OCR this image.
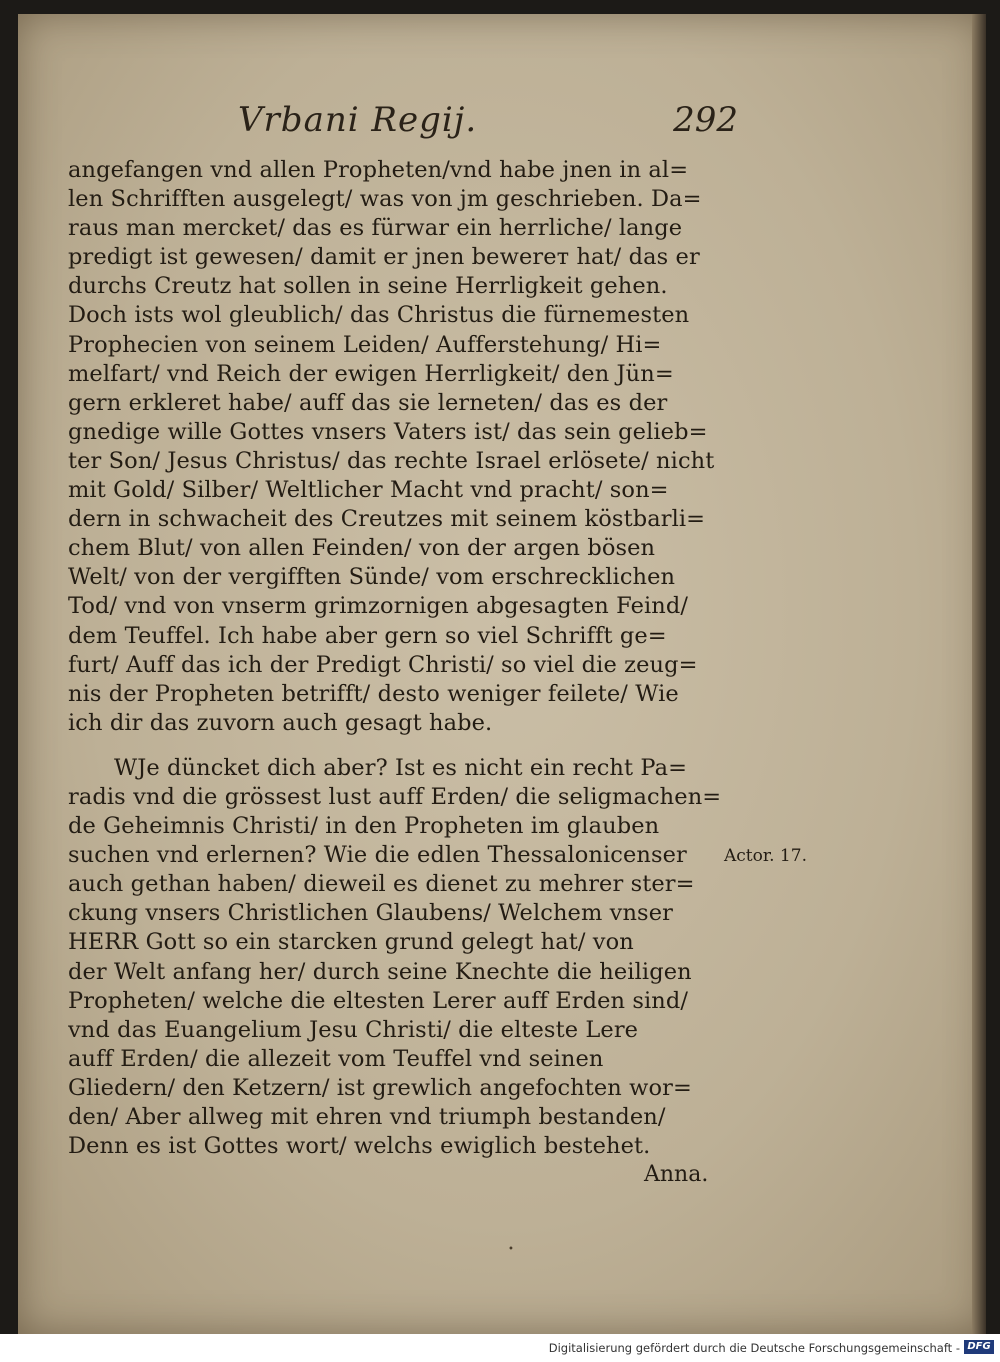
Vrbani Regij.	292
angefangen vnd allen Propheten/vnd habe jnen in al=
len Schrifften ausgelegt/ was von jm geschrieben. Da=
raus man mercket/ das es fürwar ein herrliche/ lange
predigt ist gewesen/ damit er jnen bewerет hat/ das er
durchs Creutz hat sollen in seine Herrligkeit gehen.
Doch ists wol gleublich/ das Christus die fürnemesten
Prophecien von seinem Leiden/ Aufferstehung/ Hi=
melfart/ vnd Reich der ewigen Herrligkeit/ den Jün=
gern erkleret habe/ auff das sie lerneten/ das es der
gnedige wille Gottes vnsers Vaters ist/ das sein gelieb=
ter Son/ Jesus Christus/ das rechte Israel erlösete/ nicht
mit Gold/ Silber/ Weltlicher Macht vnd pracht/ son=
dern in schwacheit des Creutzes mit seinem köstbarli=
chem Blut/ von allen Feinden/ von der argen bösen
Welt/ von der vergifften Sünde/ vom erschrecklichen
Tod/ vnd von vnserm grimzornigen abgesagten Feind/
dem Teuffel. Ich habe aber gern so viel Schrifft ge=
furt/ Auff das ich der Predigt Christi/ so viel die zeug=
nis der Propheten betrifft/ desto weniger feilete/ Wie
ich dir das zuvorn auch gesagt habe.
WJe düncket dich aber? Ist es nicht ein recht Pa=
radis vnd die grössest lust auff Erden/ die seligmachen=
de Geheimnis Christi/ in den Propheten im glauben
suchen vnd erlernen? Wie die edlen Thessalonicenser
auch gethan haben/ dieweil es dienet zu mehrer ster=
ckung vnsers Christlichen Glaubens/ Welchem vnser
HERR Gott so ein starcken grund gelegt hat/ von
der Welt anfang her/ durch seine Knechte die heiligen
Propheten/ welche die eltesten Lerer auff Erden sind/
vnd das Euangelium Jesu Christi/ die elteste Lere
auff Erden/ die allezeit vom Teuffel vnd seinen
Gliedern/ den Ketzern/ ist grewlich angefochten wor=
den/ Aber allweg mit ehren vnd triumph bestanden/
Denn es ist Gottes wort/ welchs ewiglich bestehet.
Actor. 17.
Anna.
•
Digitalisierung gefördert durch die Deutsche Forschungsgemeinschaft - DFG
